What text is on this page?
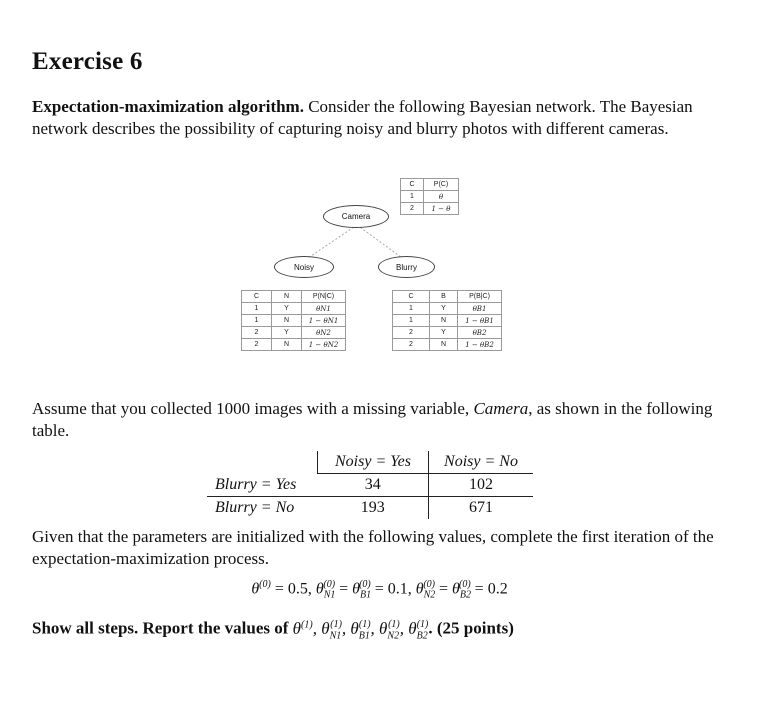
Exercise 6

Expectation-maximization algorithm. Consider the following Bayesian network. The Bayesian network describes the possibility of capturing noisy and blurry photos with different cameras.

Camera
Noisy	Blurry
C	P(C)
1	θ
2	1 − θ
C	N	P(N|C)
1	Y	θN1
1	N	1 − θN1
2	Y	θN2
2	N	1 − θN2
C	B	P(B|C)
1	Y	θB1
1	N	1 − θB1
2	Y	θB2
2	N	1 − θB2

Assume that you collected 1000 images with a missing variable, Camera, as shown in the following table.

	Noisy = Yes	Noisy = No
Blurry = Yes	34	102
Blurry = No	193	671

Given that the parameters are initialized with the following values, complete the first iteration of the expectation-maximization process.

$\theta^{(0)} = 0.5$, $\theta_{N1}^{(0)} = \theta_{B1}^{(0)} = 0.1$, $\theta_{N2}^{(0)} = \theta_{B2}^{(0)} = 0.2$

Show all steps. Report the values of $\theta^{(1)}$, $\theta_{N1}^{(1)}$, $\theta_{B1}^{(1)}$, $\theta_{N2}^{(1)}$, $\theta_{B2}^{(1)}$. (25 points)
